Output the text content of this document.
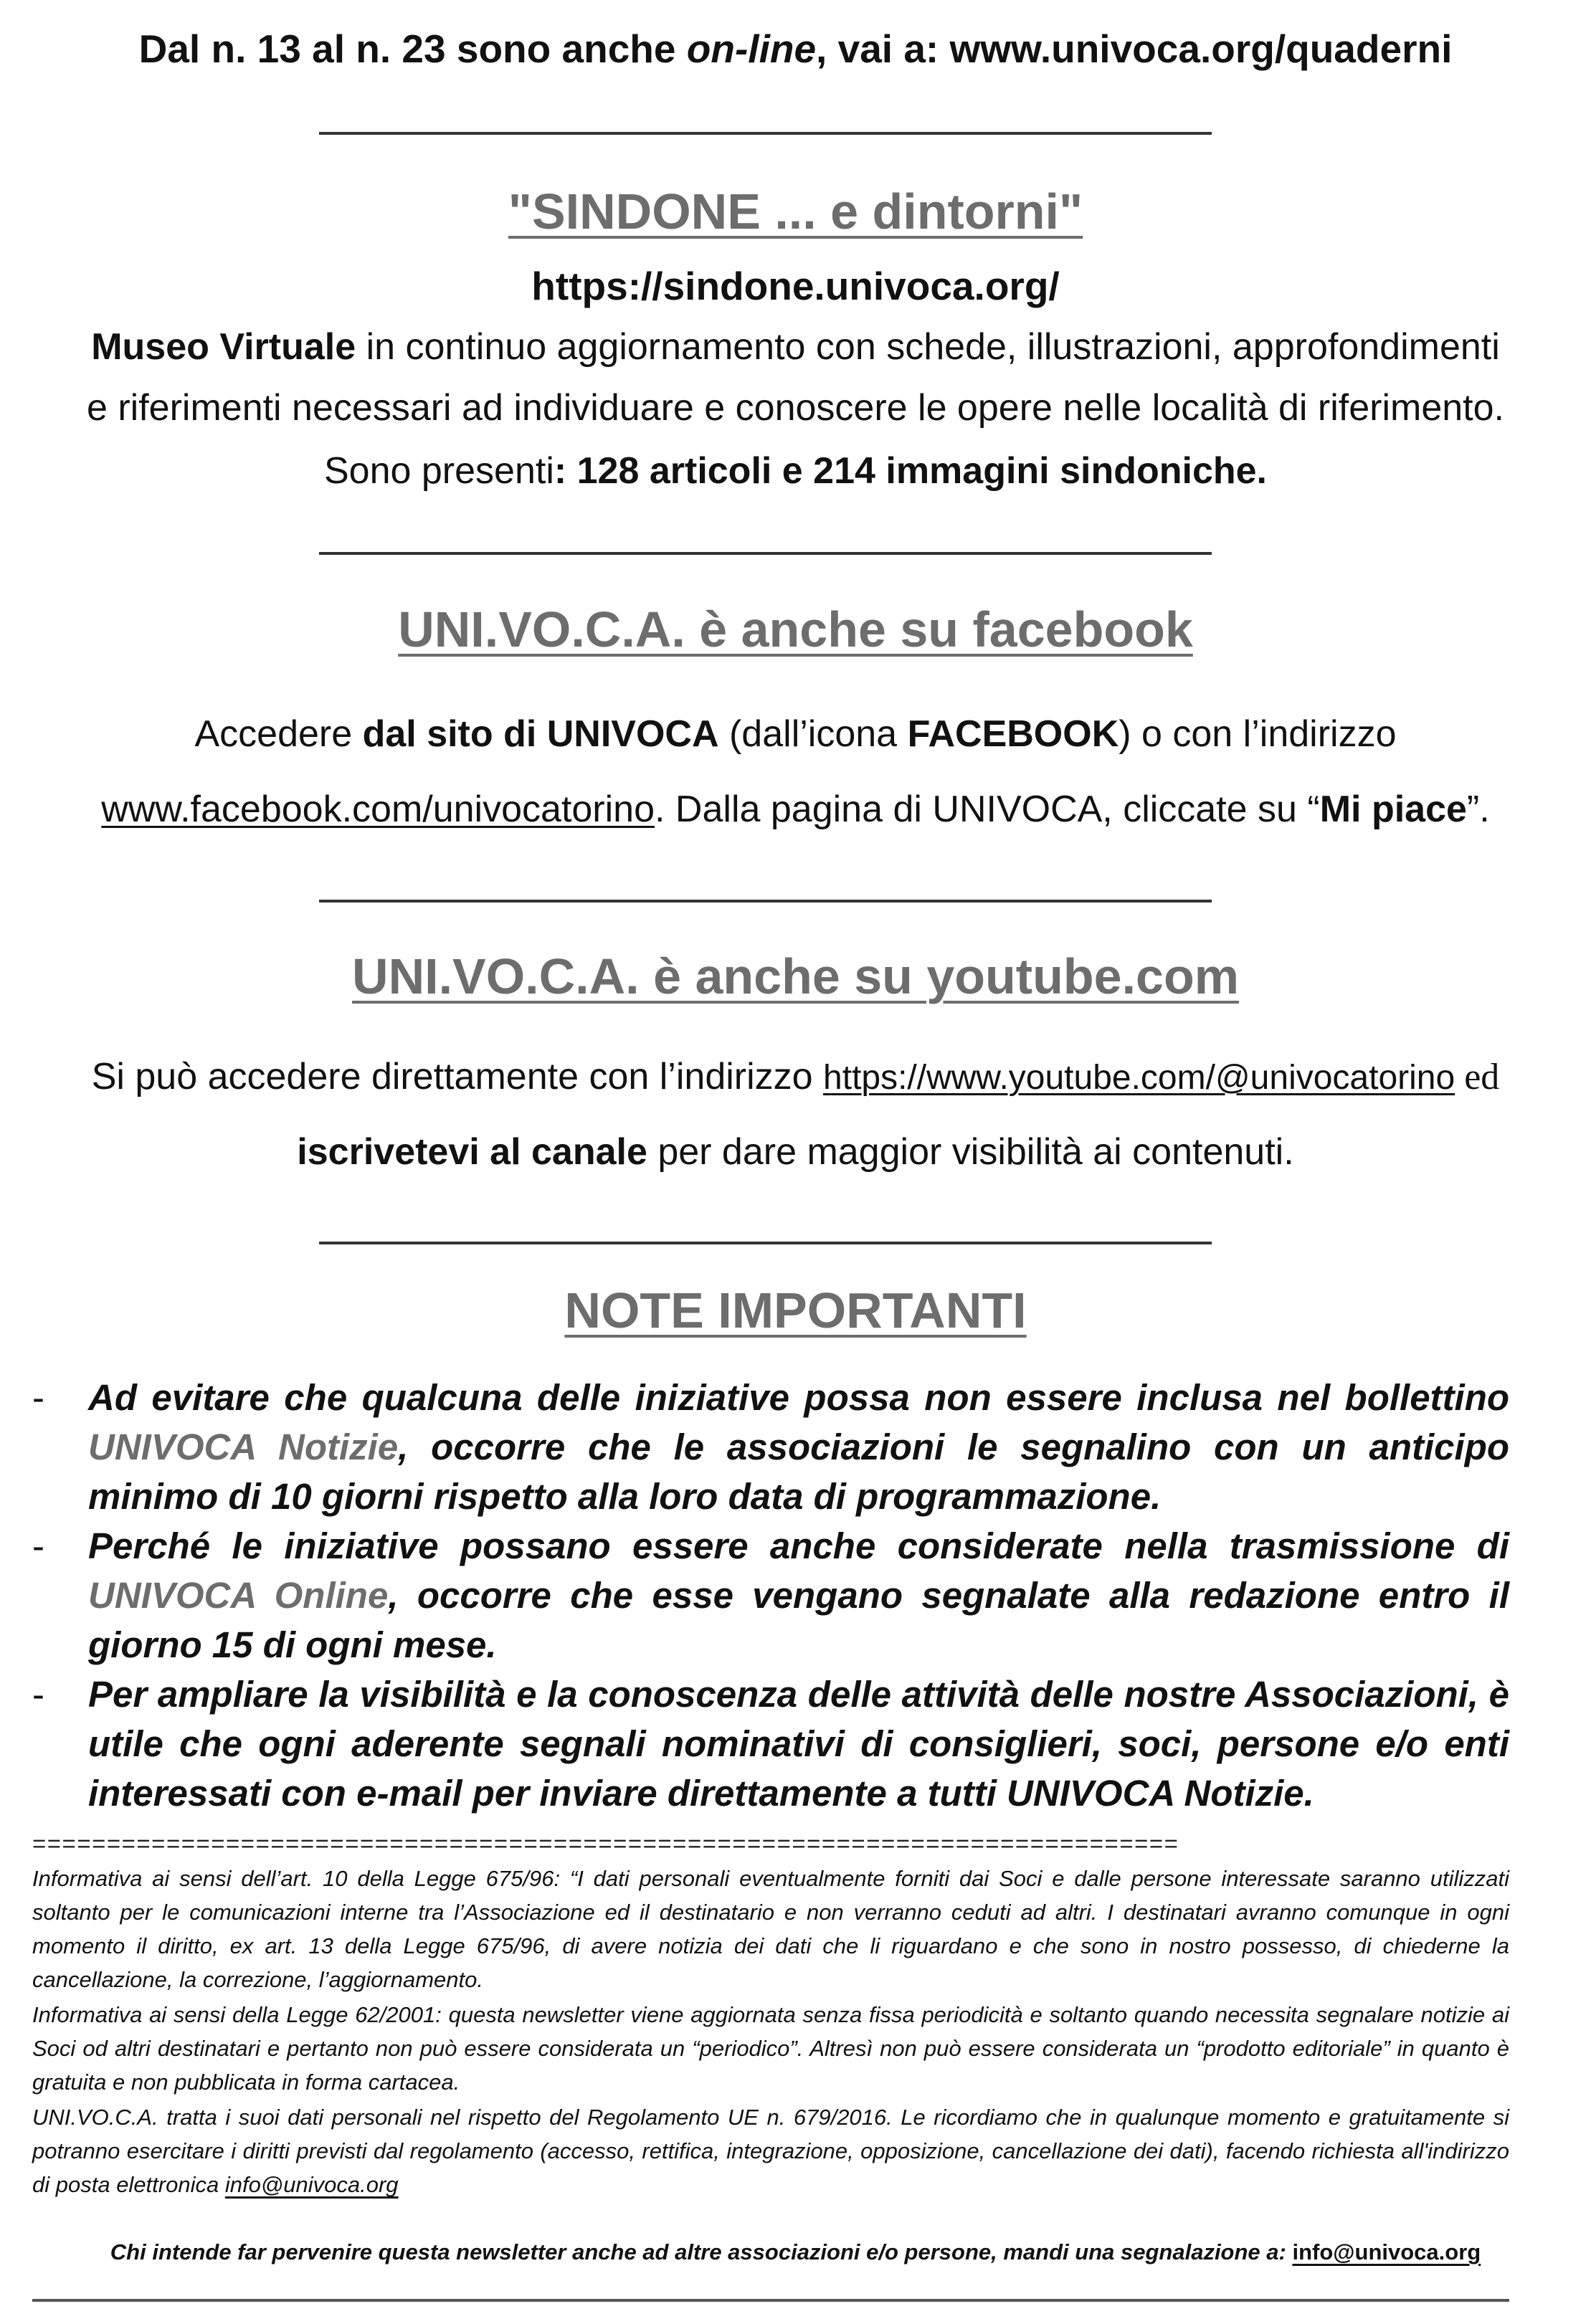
Dal n. 13 al n. 23 sono anche on-line, vai a: www.univoca.org/quaderni
"SINDONE ... e dintorni"
https://sindone.univoca.org/
Museo Virtuale in continuo aggiornamento con schede, illustrazioni, approfondimenti
e riferimenti necessari ad individuare e conoscere le opere nelle località di riferimento.
Sono presenti: 128 articoli e 214 immagini sindoniche.
UNI.VO.C.A. è anche su facebook
Accedere dal sito di UNIVOCA (dall’icona FACEBOOK) o con l’indirizzo
www.facebook.com/univocatorino. Dalla pagina di UNIVOCA, cliccate su “Mi piace”.
UNI.VO.C.A. è anche su youtube.com
Si può accedere direttamente con l’indirizzo https://www.youtube.com/@univocatorino ed
iscrivetevi al canale per dare maggior visibilità ai contenuti.
NOTE IMPORTANTI
- Ad evitare che qualcuna delle iniziative possa non essere inclusa nel bollettino UNIVOCA Notizie, occorre che le associazioni le segnalino con un anticipo minimo di 10 giorni rispetto alla loro data di programmazione.
- Perché le iniziative possano essere anche considerate nella trasmissione di UNIVOCA Online, occorre che esse vengano segnalate alla redazione entro il giorno 15 di ogni mese.
- Per ampliare la visibilità e la conoscenza delle attività delle nostre Associazioni, è utile che ogni aderente segnali nominativi di consiglieri, soci, persone e/o enti interessati con e-mail per inviare direttamente a tutti UNIVOCA Notizie.
=============================================================================
Informativa ai sensi dell’art. 10 della Legge 675/96: “I dati personali eventualmente forniti dai Soci e dalle persone interessate saranno utilizzati soltanto per le comunicazioni interne tra l’Associazione ed il destinatario e non verranno ceduti ad altri. I destinatari avranno comunque in ogni momento il diritto, ex art. 13 della Legge 675/96, di avere notizia dei dati che li riguardano e che sono in nostro possesso, di chiederne la cancellazione, la correzione, l’aggiornamento.
Informativa ai sensi della Legge 62/2001: questa newsletter viene aggiornata senza fissa periodicità e soltanto quando necessita segnalare notizie ai Soci od altri destinatari e pertanto non può essere considerata un “periodico”. Altresì non può essere considerata un “prodotto editoriale” in quanto è gratuita e non pubblicata in forma cartacea.
UNI.VO.C.A. tratta i suoi dati personali nel rispetto del Regolamento UE n. 679/2016. Le ricordiamo che in qualunque momento e gratuitamente si potranno esercitare i diritti previsti dal regolamento (accesso, rettifica, integrazione, opposizione, cancellazione dei dati), facendo richiesta all'indirizzo di posta elettronica info@univoca.org
Chi intende far pervenire questa newsletter anche ad altre associazioni e/o persone, mandi una segnalazione a: info@univoca.org
